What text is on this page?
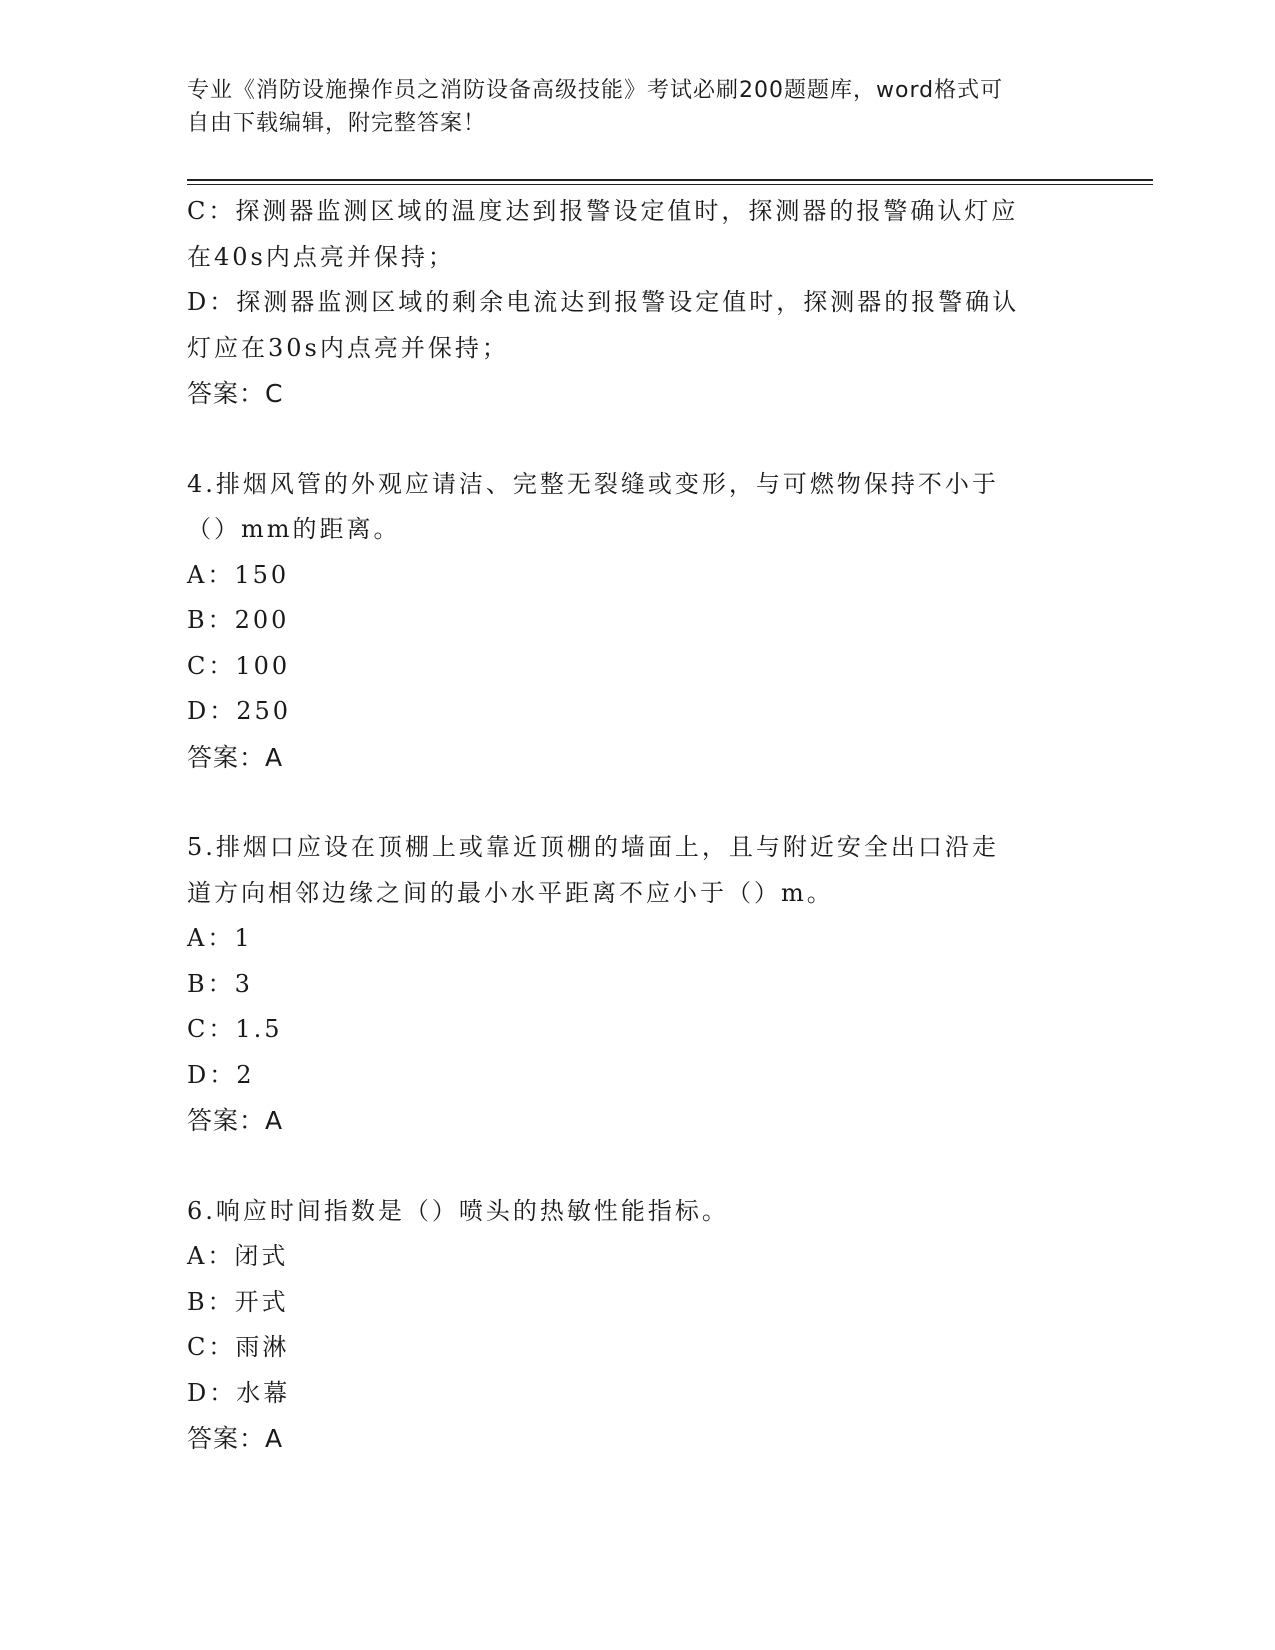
专业《消防设施操作员之消防设备高级技能》考试必刷200题题库，word格式可
自由下载编辑，附完整答案！
C：探测器监测区域的温度达到报警设定值时，探测器的报警确认灯应
在40s内点亮并保持；
D：探测器监测区域的剩余电流达到报警设定值时，探测器的报警确认
灯应在30s内点亮并保持；
答案：C
4.排烟风管的外观应请洁、完整无裂缝或变形，与可燃物保持不小于
（）mm的距离。
A：150
B：200
C：100
D：250
答案：A
5.排烟口应设在顶棚上或靠近顶棚的墙面上，且与附近安全出口沿走
道方向相邻边缘之间的最小水平距离不应小于（）m。
A：1
B：3
C：1.5
D：2
答案：A
6.响应时间指数是（）喷头的热敏性能指标。
A：闭式
B：开式
C：雨淋
D：水幕
答案：A
